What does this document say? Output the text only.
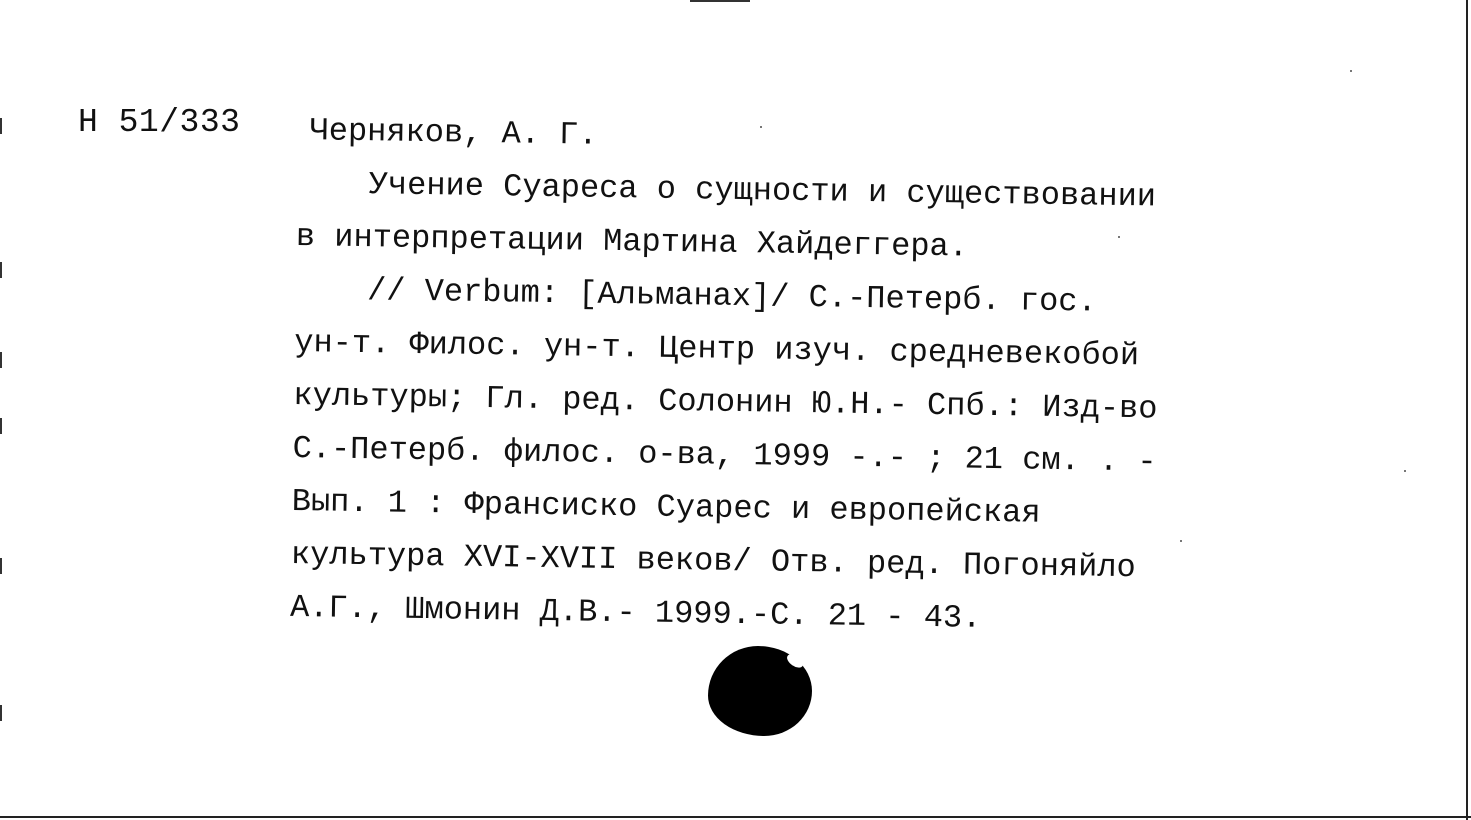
Н 51/333	Черняков, А. Г.
Учение Суареса о сущности и существовании
в интерпретации Мартина Хайдеггера.
// Verbum: [Альманах]/ С.-Петерб. гос.
ун-т. Филос. ун-т. Центр изуч. средневекобой
культуры; Гл. ред. Солонин Ю.Н.- Спб.: Изд-во
С.-Петерб. филос. о-ва, 1999 -.- ; 21 см. . -
Вып. 1 : Франсиско Суарес и европейская
культура XVI-XVII веков/ Отв. ред. Погоняйло
А.Г., Шмонин Д.В.- 1999.-С. 21 - 43.
